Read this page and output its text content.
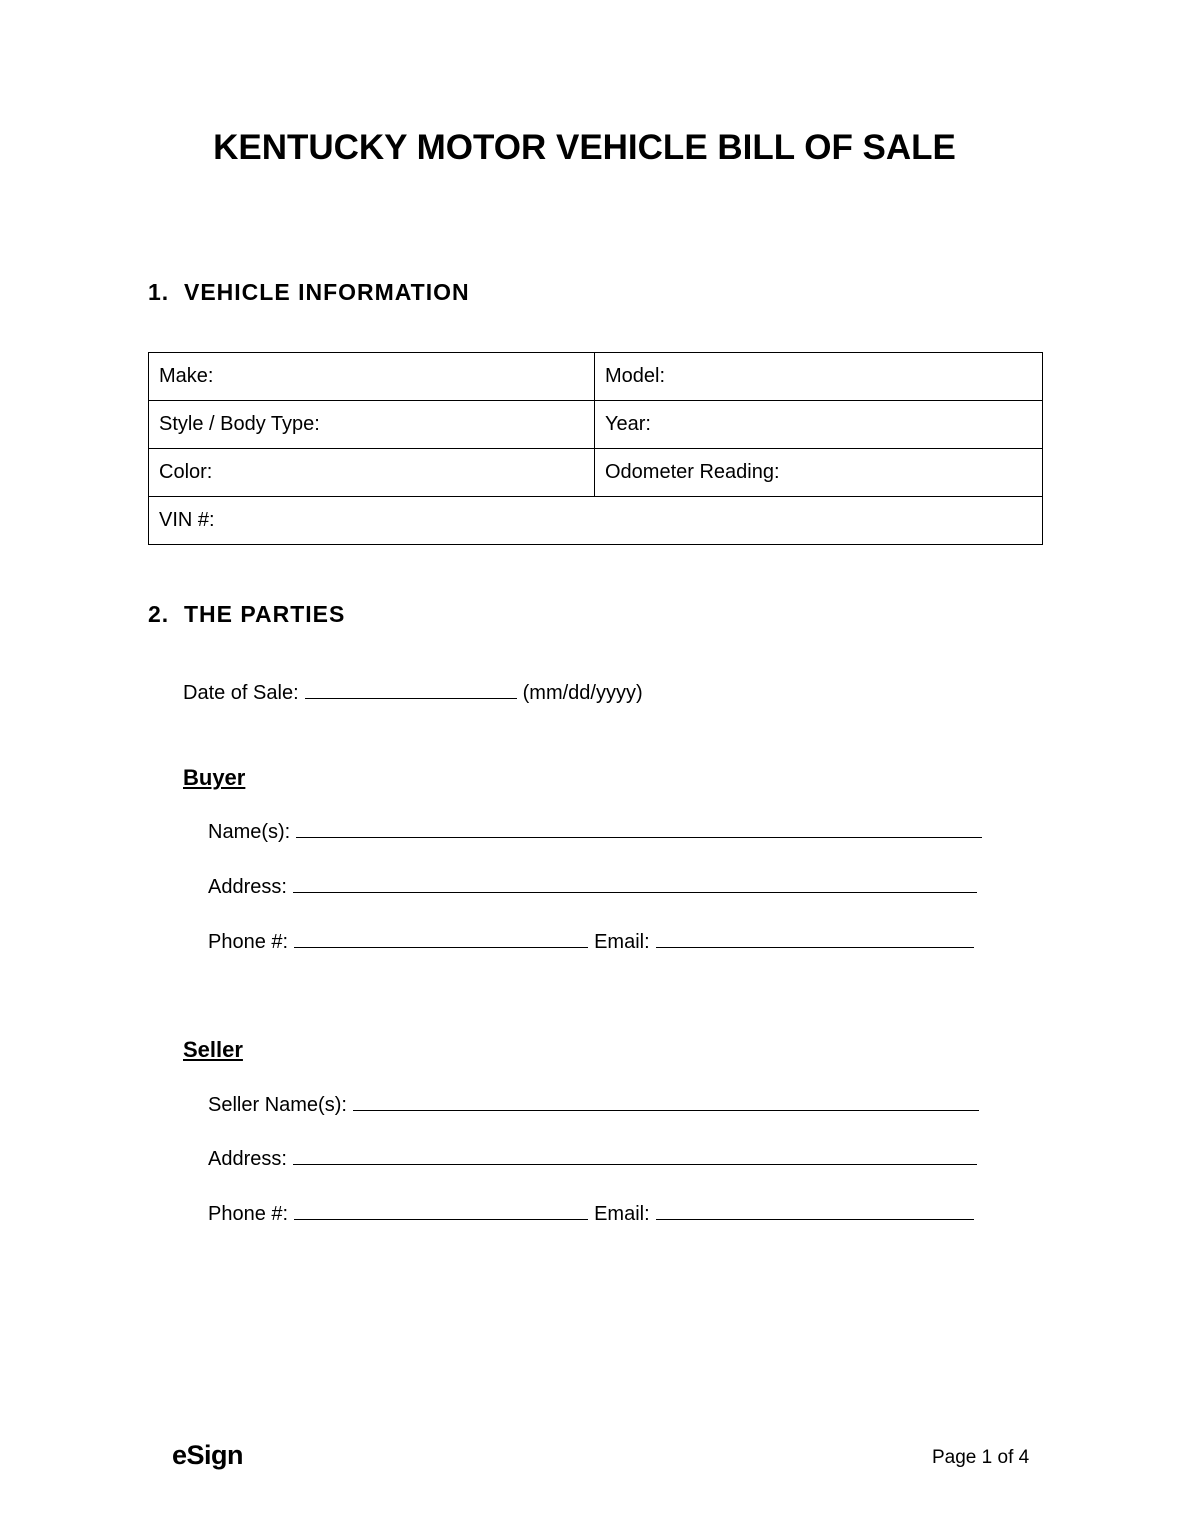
KENTUCKY MOTOR VEHICLE BILL OF SALE
1. VEHICLE INFORMATION
Make:	Model:
Style / Body Type:	Year:
Color:	Odometer Reading:
VIN #:	
2. THE PARTIES
Date of Sale:	(mm/dd/yyyy)
Buyer
Name(s):
Address:
Phone #:	Email:
Seller
Seller Name(s):
Address:
Phone #:	Email:
eSign	Page 1 of 4
